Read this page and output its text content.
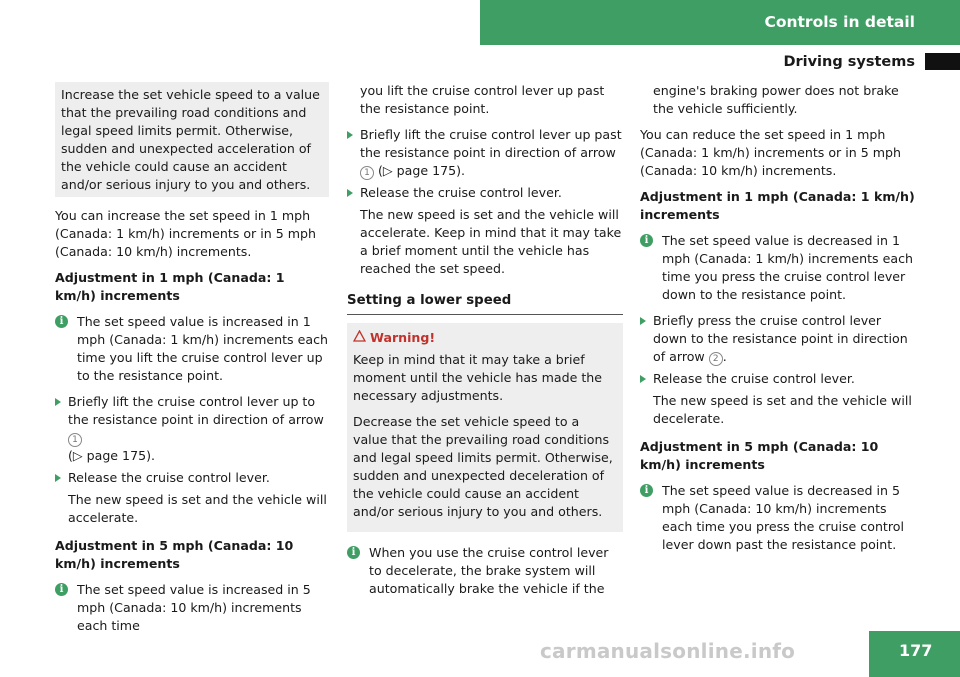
Controls in detail
Driving systems

Increase the set vehicle speed to a value that the prevailing road conditions and legal speed limits permit. Otherwise, sudden and unexpected acceleration of the vehicle could cause an accident and/or serious injury to you and others.

You can increase the set speed in 1 mph (Canada: 1 km/h) increments or in 5 mph (Canada: 10 km/h) increments.

Adjustment in 1 mph (Canada: 1 km/h) increments

i	The set speed value is increased in 1 mph (Canada: 1 km/h) increments each time you lift the cruise control lever up to the resistance point.
Briefly lift the cruise control lever up to the resistance point in direction of arrow 1
(▷ page 175).
Release the cruise control lever.

The new speed is set and the vehicle will accelerate.

Adjustment in 5 mph (Canada: 10 km/h) increments

i	The set speed value is increased in 5 mph (Canada: 10 km/h) increments each time

you lift the cruise control lever up past the resistance point.

Briefly lift the cruise control lever up past the resistance point in direction of arrow 1 (▷ page 175).
Release the cruise control lever.

The new speed is set and the vehicle will accelerate. Keep in mind that it may take a brief moment until the vehicle has reached the set speed.

Setting a lower speed
Warning!

Keep in mind that it may take a brief moment until the vehicle has made the necessary adjustments.

Decrease the set vehicle speed to a value that the prevailing road conditions and legal speed limits permit. Otherwise, sudden and unexpected deceleration of the vehicle could cause an accident and/or serious injury to you and others.

i	When you use the cruise control lever to decelerate, the brake system will automatically brake the vehicle if the

engine's braking power does not brake the vehicle sufficiently.

You can reduce the set speed in 1 mph (Canada: 1 km/h) increments or in 5 mph (Canada: 10 km/h) increments.

Adjustment in 1 mph (Canada: 1 km/h) increments

i	The set speed value is decreased in 1 mph (Canada: 1 km/h) increments each time you press the cruise control lever down to the resistance point.
Briefly press the cruise control lever down to the resistance point in direction of arrow 2 .
Release the cruise control lever.

The new speed is set and the vehicle will decelerate.

Adjustment in 5 mph (Canada: 10 km/h) increments

i	The set speed value is decreased in 5 mph (Canada: 10 km/h) increments each time you press the cruise control lever down past the resistance point.
carmanualsonline.info	177
